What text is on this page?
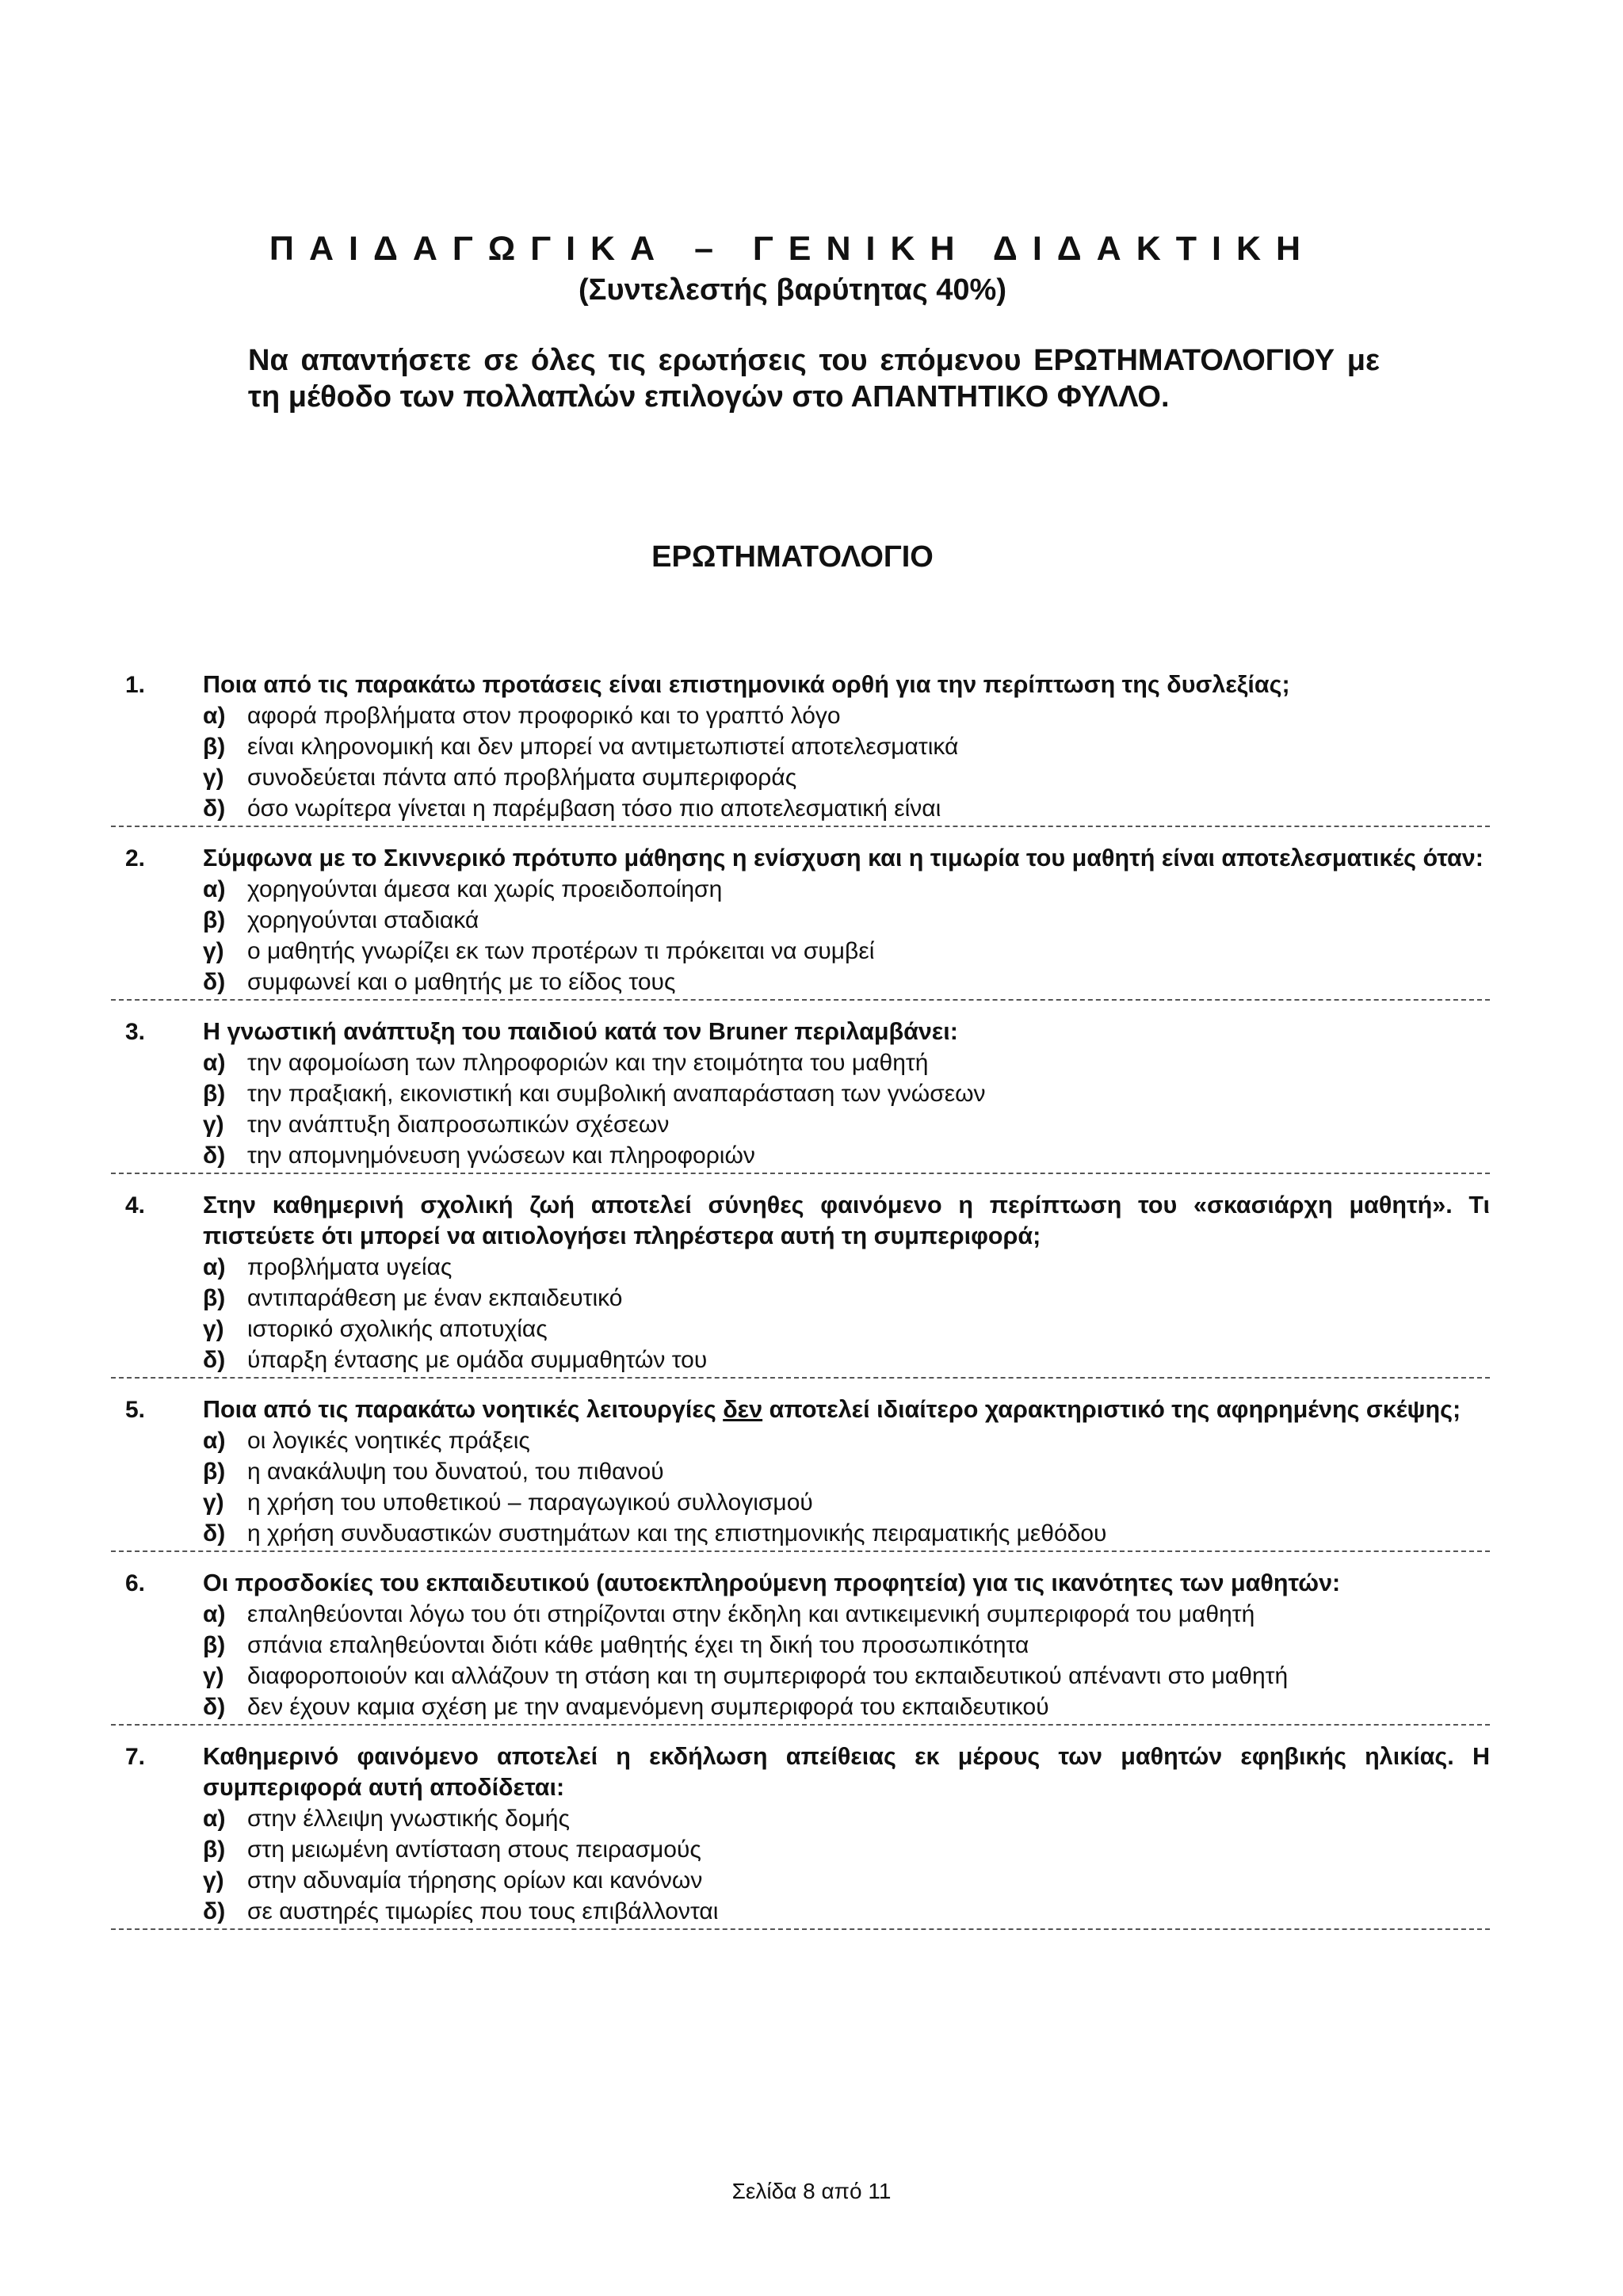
ΠΑΙΔΑΓΩΓΙΚΑ – ΓΕΝΙΚΗ ΔΙΔΑΚΤΙΚΗ
(Συντελεστής βαρύτητας 40%)
Να απαντήσετε σε όλες τις ερωτήσεις του επόμενου ΕΡΩΤΗΜΑΤΟΛΟΓΙΟΥ με τη μέθοδο των πολλαπλών επιλογών στο ΑΠΑΝΤΗΤΙΚΟ ΦΥΛΛΟ.
ΕΡΩΤΗΜΑΤΟΛΟΓΙΟ
1.	Ποια από τις παρακάτω προτάσεις είναι επιστημονικά ορθή για την περίπτωση της δυσλεξίας;
α) αφορά προβλήματα στον προφορικό και το γραπτό λόγο
β) είναι κληρονομική και δεν μπορεί να αντιμετωπιστεί αποτελεσματικά
γ) συνοδεύεται πάντα από προβλήματα συμπεριφοράς
δ) όσο νωρίτερα γίνεται η παρέμβαση τόσο πιο αποτελεσματική είναι
2.	Σύμφωνα με το Σκιννερικό πρότυπο μάθησης η ενίσχυση και η τιμωρία του μαθητή είναι αποτελεσματικές όταν:
α) χορηγούνται άμεσα και χωρίς προειδοποίηση
β) χορηγούνται σταδιακά
γ) ο μαθητής γνωρίζει εκ των προτέρων τι πρόκειται να συμβεί
δ) συμφωνεί και ο μαθητής με το είδος τους
3.	Η γνωστική ανάπτυξη του παιδιού κατά τον Bruner περιλαμβάνει:
α) την αφομοίωση των πληροφοριών και την ετοιμότητα του μαθητή
β) την πραξιακή, εικονιστική και συμβολική αναπαράσταση των γνώσεων
γ) την ανάπτυξη διαπροσωπικών σχέσεων
δ) την απομνημόνευση γνώσεων και πληροφοριών
4.	Στην καθημερινή σχολική ζωή αποτελεί σύνηθες φαινόμενο η περίπτωση του «σκασιάρχη μαθητή». Τι πιστεύετε ότι μπορεί να αιτιολογήσει πληρέστερα αυτή τη συμπεριφορά;
α) προβλήματα υγείας
β) αντιπαράθεση με έναν εκπαιδευτικό
γ) ιστορικό σχολικής αποτυχίας
δ) ύπαρξη έντασης με ομάδα συμμαθητών του
5.	Ποια από τις παρακάτω νοητικές λειτουργίες δεν αποτελεί ιδιαίτερο χαρακτηριστικό της αφηρημένης σκέψης;
α) οι λογικές νοητικές πράξεις
β) η ανακάλυψη του δυνατού, του πιθανού
γ) η χρήση του υποθετικού – παραγωγικού συλλογισμού
δ) η χρήση συνδυαστικών συστημάτων και της επιστημονικής πειραματικής μεθόδου
6.	Οι προσδοκίες του εκπαιδευτικού (αυτοεκπληρούμενη προφητεία) για τις ικανότητες των μαθητών:
α) επαληθεύονται λόγω του ότι στηρίζονται στην έκδηλη και αντικειμενική συμπεριφορά του μαθητή
β) σπάνια επαληθεύονται διότι κάθε μαθητής έχει τη δική του προσωπικότητα
γ) διαφοροποιούν και αλλάζουν τη στάση και τη συμπεριφορά του εκπαιδευτικού απέναντι στο μαθητή
δ) δεν έχουν καμια σχέση με την αναμενόμενη συμπεριφορά του εκπαιδευτικού
7.	Καθημερινό φαινόμενο αποτελεί η εκδήλωση απείθειας εκ μέρους των μαθητών εφηβικής ηλικίας. Η συμπεριφορά αυτή αποδίδεται:
α) στην έλλειψη γνωστικής δομής
β) στη μειωμένη αντίσταση στους πειρασμούς
γ) στην αδυναμία τήρησης ορίων και κανόνων
δ) σε αυστηρές τιμωρίες που τους επιβάλλονται
Σελίδα 8 από 11
